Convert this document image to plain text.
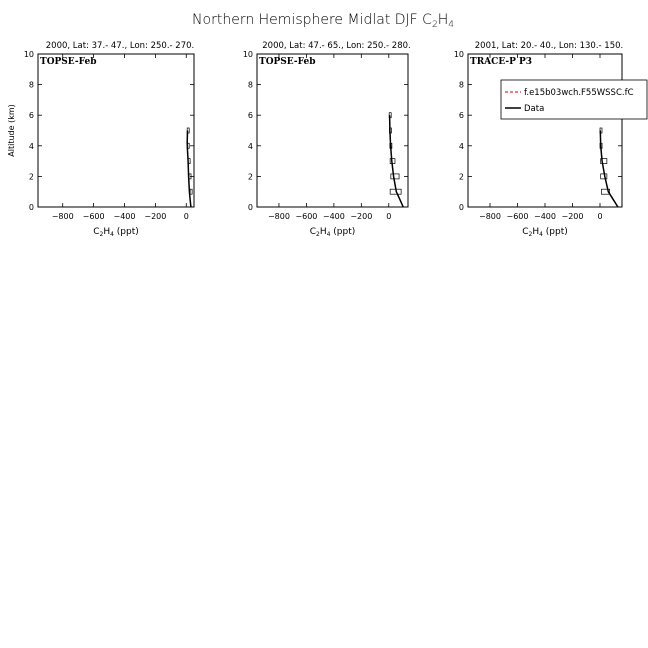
Northern Hemisphere Midlat DJF $C_2H_4$
2000, Lat: 37.- 47., Lon: 250.- 270.
TOPSE-Feb
−800 −600 −400 −200 0
0
2
4
6
8
10
$C_2H_4$ (ppt)
Altitude (km)
2000, Lat: 47.- 65., Lon: 250.- 280.
TOPSE-Feb
−800 −600 −400 −200 0
0
2
4
6
8
10
$C_2H_4$ (ppt)
2001, Lat: 20.- 40., Lon: 130.- 150.
TRACE-P P3
−800 −600 −400 −200 0
0
2
4
6
8
10
$C_2H_4$ (ppt)
f.e15b03wch.F55WSSC.fC
Data
